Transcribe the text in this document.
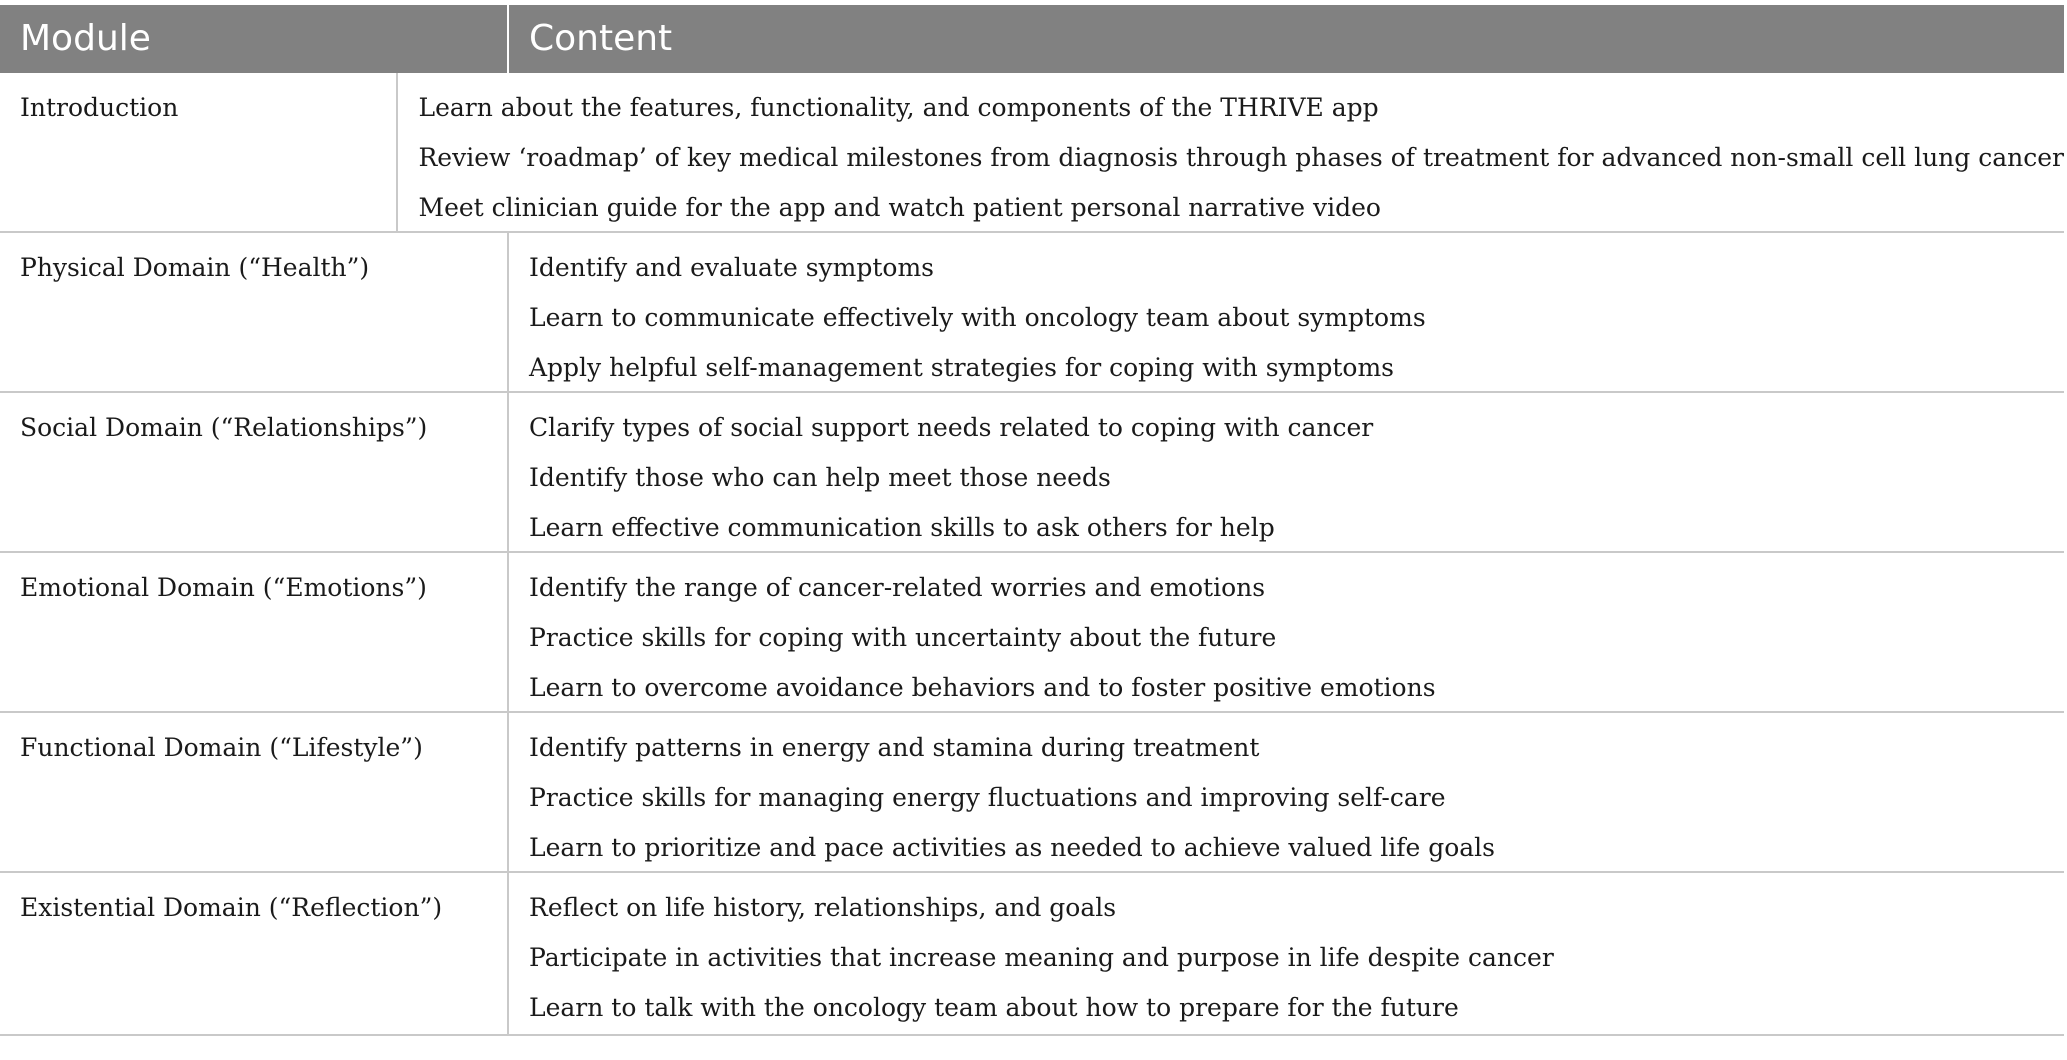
Module	Content
Introduction	Learn about the features, functionality, and components of the THRIVE app
Review ‘roadmap’ of key medical milestones from diagnosis through phases of treatment for advanced non-small cell lung cancer
Meet clinician guide for the app and watch patient personal narrative video
Physical Domain (“Health”)	Identify and evaluate symptoms
Learn to communicate effectively with oncology team about symptoms
Apply helpful self-management strategies for coping with symptoms
Social Domain (“Relationships”)	Clarify types of social support needs related to coping with cancer
Identify those who can help meet those needs
Learn effective communication skills to ask others for help
Emotional Domain (“Emotions”)	Identify the range of cancer-related worries and emotions
Practice skills for coping with uncertainty about the future
Learn to overcome avoidance behaviors and to foster positive emotions
Functional Domain (“Lifestyle”)	Identify patterns in energy and stamina during treatment
Practice skills for managing energy fluctuations and improving self-care
Learn to prioritize and pace activities as needed to achieve valued life goals
Existential Domain (“Reflection”)	Reflect on life history, relationships, and goals
Participate in activities that increase meaning and purpose in life despite cancer
Learn to talk with the oncology team about how to prepare for the future
